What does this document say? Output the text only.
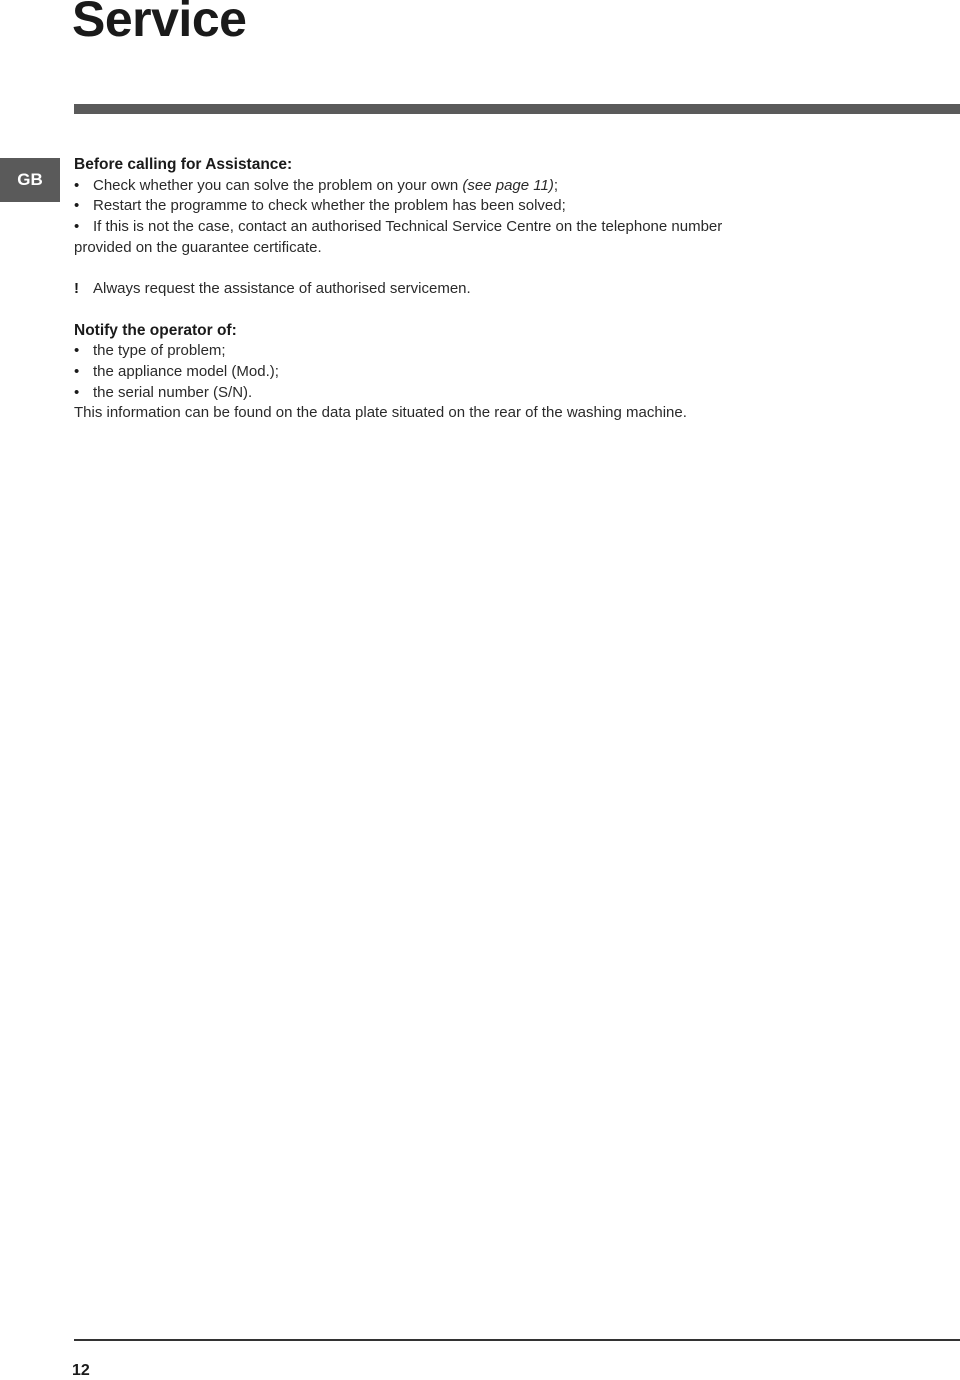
Service
GB
Before calling for Assistance:
• Check whether you can solve the problem on your own (see page 11);
• Restart the programme to check whether the problem has been solved;
• If this is not the case, contact an authorised Technical Service Centre on the telephone number
provided on the guarantee certificate.
! Always request the assistance of authorised servicemen.
Notify the operator of:
• the type of problem;
• the appliance model (Mod.);
• the serial number (S/N).
This information can be found on the data plate situated on the rear of the washing machine.
12
